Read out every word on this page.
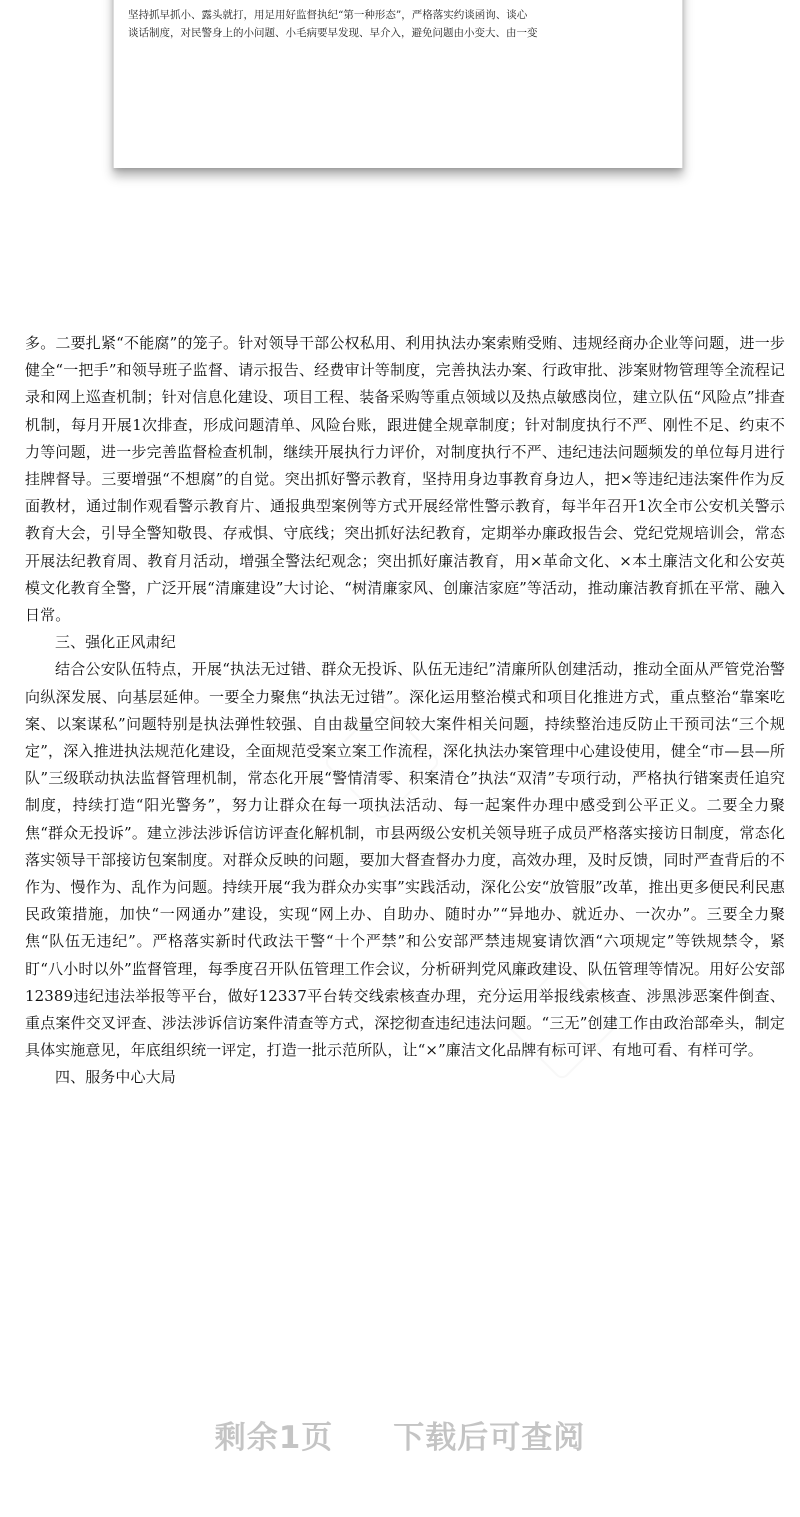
坚持抓早抓小、露头就打，用足用好监督执纪“第一种形态”，严格落实约谈函询、谈心
谈话制度，对民警身上的小问题、小毛病要早发现、早介入，避免问题由小变大、由一变

多。二要扎紧“不能腐”的笼子。针对领导干部公权私用、利用执法办案索贿受贿、违规经商办企业等问题，进一步健全“一把手”和领导班子监督、请示报告、经费审计等制度，完善执法办案、行政审批、涉案财物管理等全流程记录和网上巡查机制；针对信息化建设、项目工程、装备采购等重点领域以及热点敏感岗位，建立队伍“风险点”排查机制，每月开展1次排查，形成问题清单、风险台账，跟进健全规章制度；针对制度执行不严、刚性不足、约束不力等问题，进一步完善监督检查机制，继续开展执行力评价，对制度执行不严、违纪违法问题频发的单位每月进行挂牌督导。三要增强“不想腐”的自觉。突出抓好警示教育，坚持用身边事教育身边人，把×等违纪违法案件作为反面教材，通过制作观看警示教育片、通报典型案例等方式开展经常性警示教育，每半年召开1次全市公安机关警示教育大会，引导全警知敬畏、存戒惧、守底线；突出抓好法纪教育，定期举办廉政报告会、党纪党规培训会，常态开展法纪教育周、教育月活动，增强全警法纪观念；突出抓好廉洁教育，用×革命文化、×本土廉洁文化和公安英模文化教育全警，广泛开展“清廉建设”大讨论、“树清廉家风、创廉洁家庭”等活动，推动廉洁教育抓在平常、融入日常。

三、强化正风肃纪

结合公安队伍特点，开展“执法无过错、群众无投诉、队伍无违纪”清廉所队创建活动，推动全面从严管党治警向纵深发展、向基层延伸。一要全力聚焦“执法无过错”。深化运用整治模式和项目化推进方式，重点整治“靠案吃案、以案谋私”问题特别是执法弹性较强、自由裁量空间较大案件相关问题，持续整治违反防止干预司法“三个规定”，深入推进执法规范化建设，全面规范受案立案工作流程，深化执法办案管理中心建设使用，健全“市—县—所队”三级联动执法监督管理机制，常态化开展“警情清零、积案清仓”执法“双清”专项行动，严格执行错案责任追究制度，持续打造“阳光警务”，努力让群众在每一项执法活动、每一起案件办理中感受到公平正义。二要全力聚焦“群众无投诉”。建立涉法涉诉信访评查化解机制，市县两级公安机关领导班子成员严格落实接访日制度，常态化落实领导干部接访包案制度。对群众反映的问题，要加大督查督办力度，高效办理，及时反馈，同时严查背后的不作为、慢作为、乱作为问题。持续开展“我为群众办实事”实践活动，深化公安“放管服”改革，推出更多便民利民惠民政策措施，加快“一网通办”建设，实现“网上办、自助办、随时办”“异地办、就近办、一次办”。三要全力聚焦“队伍无违纪”。严格落实新时代政法干警“十个严禁”和公安部严禁违规宴请饮酒“六项规定”等铁规禁令，紧盯“八小时以外”监督管理，每季度召开队伍管理工作会议，分析研判党风廉政建设、队伍管理等情况。用好公安部12389违纪违法举报等平台，做好12337平台转交线索核查办理，充分运用举报线索核查、涉黑涉恶案件倒查、重点案件交叉评查、涉法涉诉信访案件清查等方式，深挖彻查违纪违法问题。“三无”创建工作由政治部牵头，制定具体实施意见，年底组织统一评定，打造一批示范所队，让“×”廉洁文化品牌有标可评、有地可看、有样可学。

四、服务中心大局

剩余1页 下载后可查阅
